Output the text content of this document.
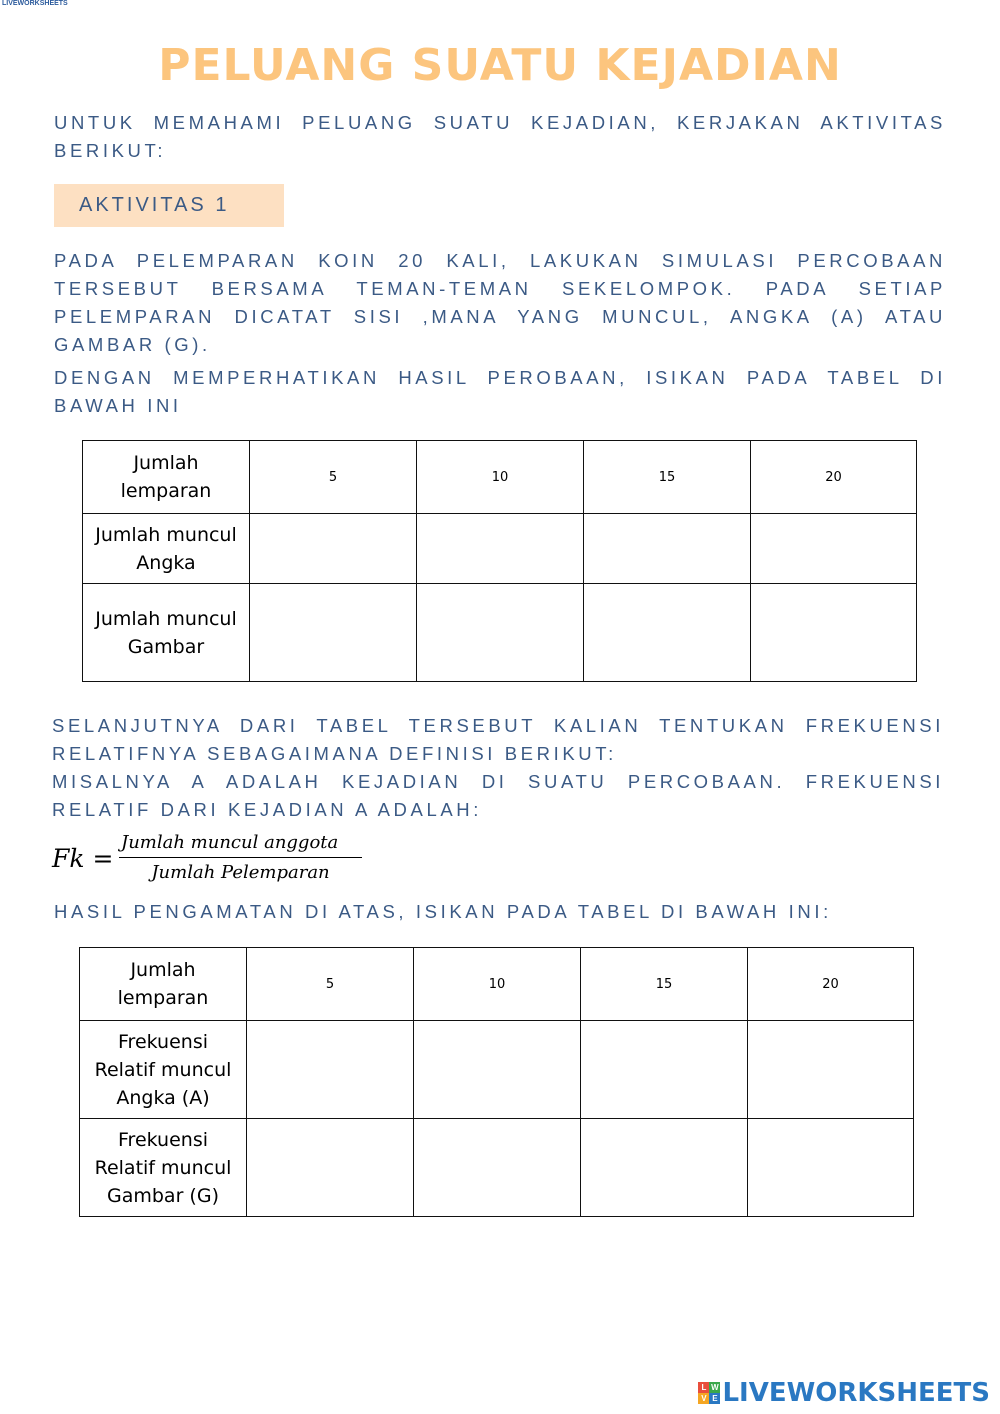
LIVEWORKSHEETS
PELUANG SUATU KEJADIAN
UNTUK MEMAHAMI PELUANG SUATU KEJADIAN, KERJAKAN AKTIVITAS BERIKUT:
AKTIVITAS 1
PADA PELEMPARAN KOIN 20 KALI, LAKUKAN SIMULASI PERCOBAAN TERSEBUT BERSAMA TEMAN-TEMAN SEKELOMPOK. PADA SETIAP PELEMPARAN DICATAT SISI ,MANA YANG MUNCUL, ANGKA (A) ATAU GAMBAR (G).
DENGAN MEMPERHATIKAN HASIL PEROBAAN, ISIKAN PADA TABEL DI BAWAH INI
Jumlah lemparan	5	10	15	20
Jumlah muncul Angka				
Jumlah muncul Gambar				
SELANJUTNYA DARI TABEL TERSEBUT KALIAN TENTUKAN FREKUENSI RELATIFNYA SEBAGAIMANA DEFINISI BERIKUT:
MISALNYA A ADALAH KEJADIAN DI SUATU PERCOBAAN. FREKUENSI RELATIF DARI KEJADIAN A ADALAH:
Fk =
Jumlah muncul anggota
Jumlah Pelemparan
HASIL PENGAMATAN DI ATAS, ISIKAN PADA TABEL DI BAWAH INI:
Jumlah lemparan	5	10	15	20
Frekuensi Relatif muncul Angka (A)				
Frekuensi Relatif muncul Gambar (G)				
L W
V E LIVEWORKSHEETS
